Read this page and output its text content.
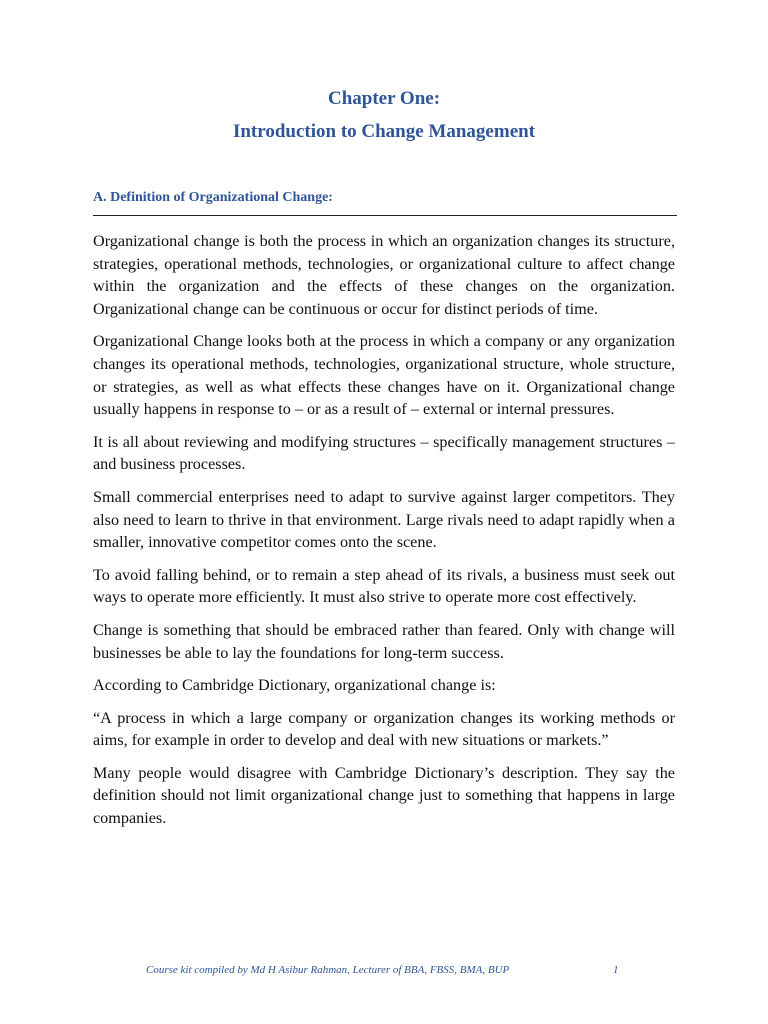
Chapter One:
Introduction to Change Management
A. Definition of Organizational Change:

Organizational change is both the process in which an organization changes its structure, strategies, operational methods, technologies, or organizational culture to affect change within the organization and the effects of these changes on the organization. Organizational change can be continuous or occur for distinct periods of time.

Organizational Change looks both at the process in which a company or any organization changes its operational methods, technologies, organizational structure, whole structure, or strategies, as well as what effects these changes have on it. Organizational change usually happens in response to – or as a result of – external or internal pressures.

It is all about reviewing and modifying structures – specifically management structures – and business processes.

Small commercial enterprises need to adapt to survive against larger competitors. They also need to learn to thrive in that environment. Large rivals need to adapt rapidly when a smaller, innovative competitor comes onto the scene.

To avoid falling behind, or to remain a step ahead of its rivals, a business must seek out ways to operate more efficiently. It must also strive to operate more cost effectively.

Change is something that should be embraced rather than feared. Only with change will businesses be able to lay the foundations for long-term success.

According to Cambridge Dictionary, organizational change is:

“A process in which a large company or organization changes its working methods or aims, for example in order to develop and deal with new situations or markets.”

Many people would disagree with Cambridge Dictionary’s description. They say the definition should not limit organizational change just to something that happens in large companies.

Course kit compiled by Md H Asibur Rahman, Lecturer of BBA, FBSS, BMA, BUP	1
